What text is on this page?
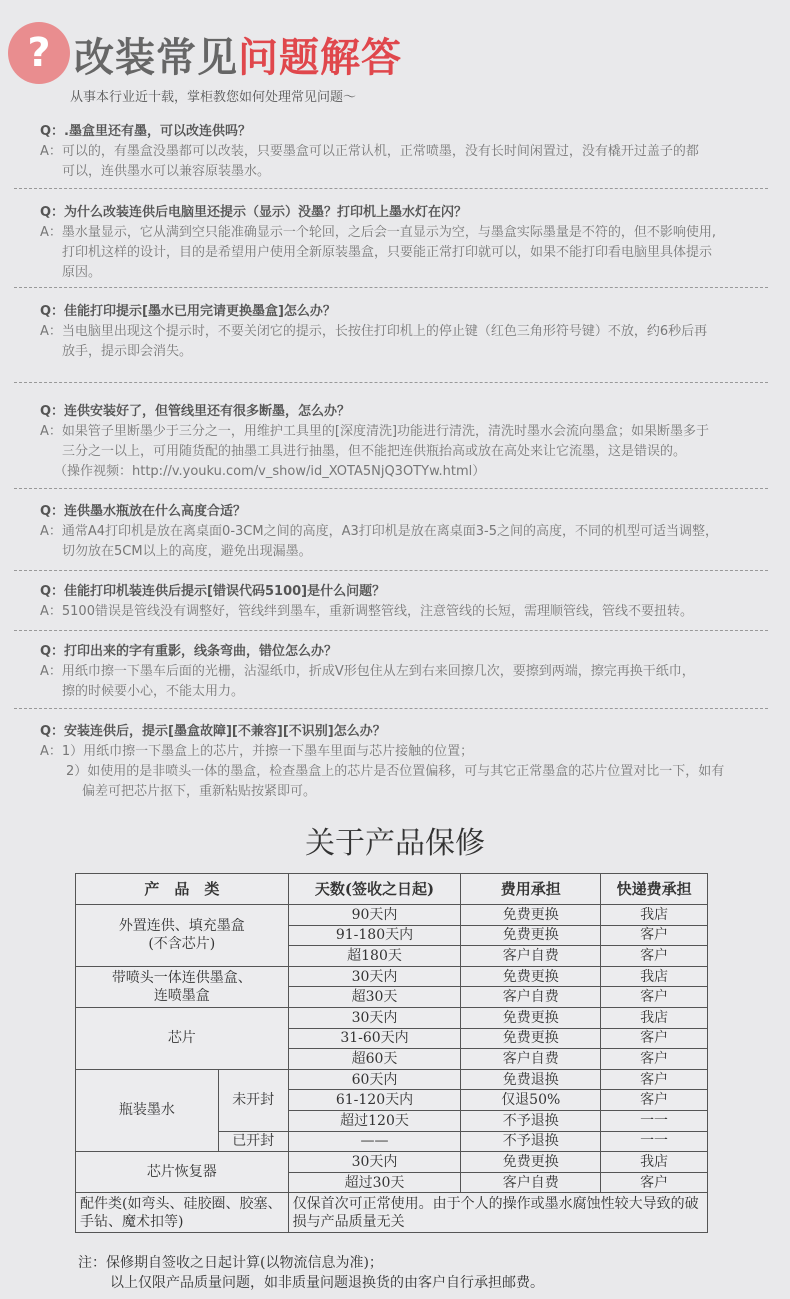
? 改装常见问题解答
从事本行业近十载，掌柜教您如何处理常见问题～
Q：.墨盒里还有墨，可以改连供吗？
A：可以的，有墨盒没墨都可以改装，只要墨盒可以正常认机，正常喷墨，没有长时间闲置过，没有橇开过盖子的都
可以，连供墨水可以兼容原装墨水。
Q：为什么改装连供后电脑里还提示（显示）没墨？打印机上墨水灯在闪？
A：墨水量显示，它从满到空只能准确显示一个轮回，之后会一直显示为空，与墨盒实际墨量是不符的，但不影响使用,
打印机这样的设计，目的是希望用户使用全新原装墨盒，只要能正常打印就可以，如果不能打印看电脑里具体提示
原因。
Q：佳能打印提示[墨水已用完请更换墨盒]怎么办？
A：当电脑里出现这个提示时，不要关闭它的提示，长按住打印机上的停止键（红色三角形符号键）不放，约6秒后再
放手，提示即会消失。
Q：连供安装好了，但管线里还有很多断墨，怎么办？
A：如果管子里断墨少于三分之一，用维护工具里的[深度清洗]功能进行清洗，清洗时墨水会流向墨盒；如果断墨多于
三分之一以上，可用随货配的抽墨工具进行抽墨，但不能把连供瓶抬高或放在高处来让它流墨，这是错误的。
（操作视频：http://v.youku.com/v_show/id_XOTA5NjQ3OTYw.html）
Q：连供墨水瓶放在什么高度合适？
A：通常A4打印机是放在离桌面0-3CM之间的高度，A3打印机是放在离桌面3-5之间的高度，不同的机型可适当调整，
切勿放在5CM以上的高度，避免出现漏墨。
Q：佳能打印机装连供后提示[错误代码5100]是什么问题？
A：5100错误是管线没有调整好，管线绊到墨车，重新调整管线，注意管线的长短，需理顺管线，管线不要扭转。
Q：打印出来的字有重影，线条弯曲，错位怎么办？
A：用纸巾擦一下墨车后面的光栅，沾湿纸巾，折成V形包住从左到右来回擦几次，要擦到两端，擦完再换干纸巾，
擦的时候要小心，不能太用力。
Q：安装连供后，提示[墨盒故障][不兼容][不识别]怎么办？
A：1）用纸巾擦一下墨盒上的芯片，并擦一下墨车里面与芯片接触的位置；
2）如使用的是非喷头一体的墨盒，检查墨盒上的芯片是否位置偏移，可与其它正常墨盒的芯片位置对比一下，如有
偏差可把芯片抠下，重新粘贴按紧即可。
关于产品保修
产　品　类		天数(签收之日起)	费用承担	快递费承担
外置连供、填充墨盒
(不含芯片)		90天内	免费更换	我店
		91-180天内	免费更换	客户
		超180天	客户自费	客户
带喷头一体连供墨盒、
连喷墨盒		30天内	免费更换	我店
		超30天	客户自费	客户
芯片		30天内	免费更换	我店
		31-60天内	免费更换	客户
		超60天	客户自费	客户
瓶装墨水	未开封	60天内	免费退换	客户
		61-120天内	仅退50%	客户
		超过120天	不予退换	一一
	已开封	——	不予退换	一一
芯片恢复器		30天内	免费更换	我店
		超过30天	客户自费	客户
配件类(如弯头、硅胶圈、胶塞、手钻、魔术扣等)		仅保首次可正常使用。由于个人的操作或墨水腐蚀性较大导致的破损与产品质量无关		
注：保修期自签收之日起计算(以物流信息为准)；
以上仅限产品质量问题，如非质量问题退换货的由客户自行承担邮费。
